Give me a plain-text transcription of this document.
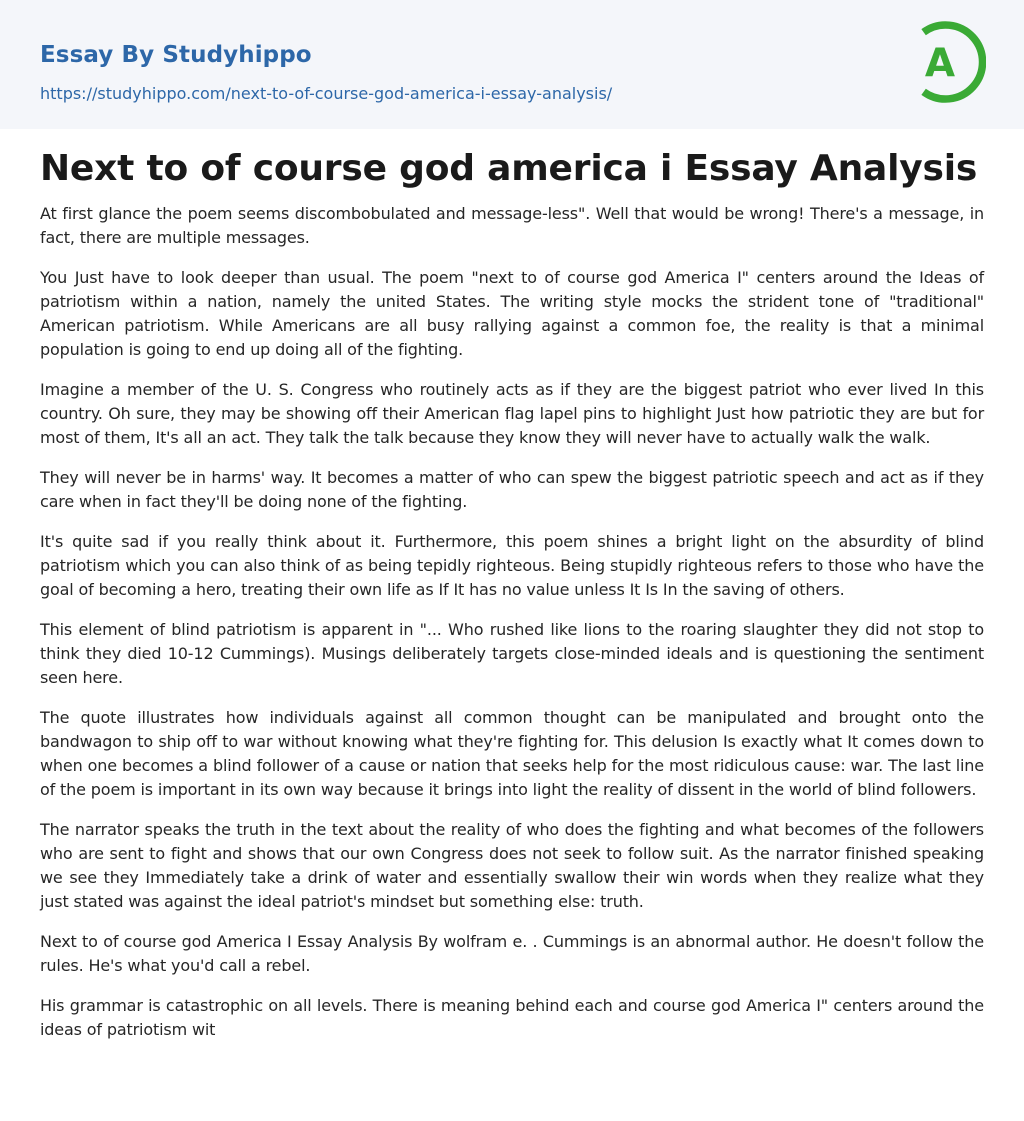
Essay By Studyhippo
https://studyhippo.com/next-to-of-course-god-america-i-essay-analysis/
A
Next to of course god america i Essay Analysis

At first glance the poem seems discombobulated and message-less". Well that would be wrong! There's a message, in fact, there are multiple messages.

You Just have to look deeper than usual. The poem "next to of course god America I" centers around the Ideas of patriotism within a nation, namely the united States. The writing style mocks the strident tone of "traditional" American patriotism. While Americans are all busy rallying against a common foe, the reality is that a minimal population is going to end up doing all of the fighting.

Imagine a member of the U. S. Congress who routinely acts as if they are the biggest patriot who ever lived In this country. Oh sure, they may be showing off their American flag lapel pins to highlight Just how patriotic they are but for most of them, It's all an act. They talk the talk because they know they will never have to actually walk the walk.

They will never be in harms' way. It becomes a matter of who can spew the biggest patriotic speech and act as if they care when in fact they'll be doing none of the fighting.

It's quite sad if you really think about it. Furthermore, this poem shines a bright light on the absurdity of blind patriotism which you can also think of as being tepidly righteous. Being stupidly righteous refers to those who have the goal of becoming a hero, treating their own life as If It has no value unless It Is In the saving of others.

This element of blind patriotism is apparent in "... Who rushed like lions to the roaring slaughter they did not stop to think they died 10-12 Cummings). Musings deliberately targets close-minded ideals and is questioning the sentiment seen here.

The quote illustrates how individuals against all common thought can be manipulated and brought onto the bandwagon to ship off to war without knowing what they're fighting for. This delusion Is exactly what It comes down to when one becomes a blind follower of a cause or nation that seeks help for the most ridiculous cause: war. The last line of the poem is important in its own way because it brings into light the reality of dissent in the world of blind followers.

The narrator speaks the truth in the text about the reality of who does the fighting and what becomes of the followers who are sent to fight and shows that our own Congress does not seek to follow suit. As the narrator finished speaking we see they Immediately take a drink of water and essentially swallow their win words when they realize what they just stated was against the ideal patriot's mindset but something else: truth.

Next to of course god America I Essay Analysis By wolfram e. . Cummings is an abnormal author. He doesn't follow the rules. He's what you'd call a rebel.

His grammar is catastrophic on all levels. There is meaning behind each and course god America I" centers around the ideas of patriotism wit
